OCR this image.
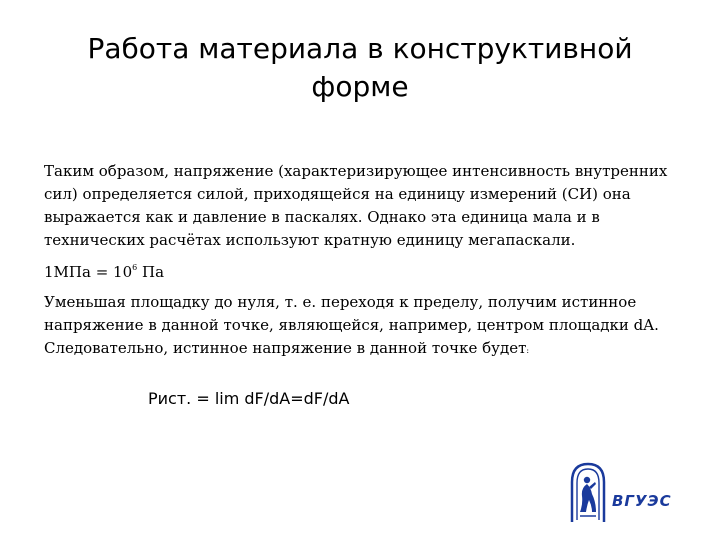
Работа материала в конструктивной форме

Таким образом, напряжение (характеризирующее интенсивность внутренних сил) определяется силой, приходящейся на единицу измерений (СИ) она выражается как и давление в паскалях. Однако эта единица мала и в технических расчётах используют кратную единицу мегапаскали.

$1МПа = 10^6$ Па

Уменьшая площадку до нуля, т. е. переходя к пределу, получим истинное напряжение в данной точке, являющейся, например, центром площадки dA. Следовательно, истинное напряжение в данной точке будет:

Рист. = lim dF/dA=dF/dA
ВГУЭС
